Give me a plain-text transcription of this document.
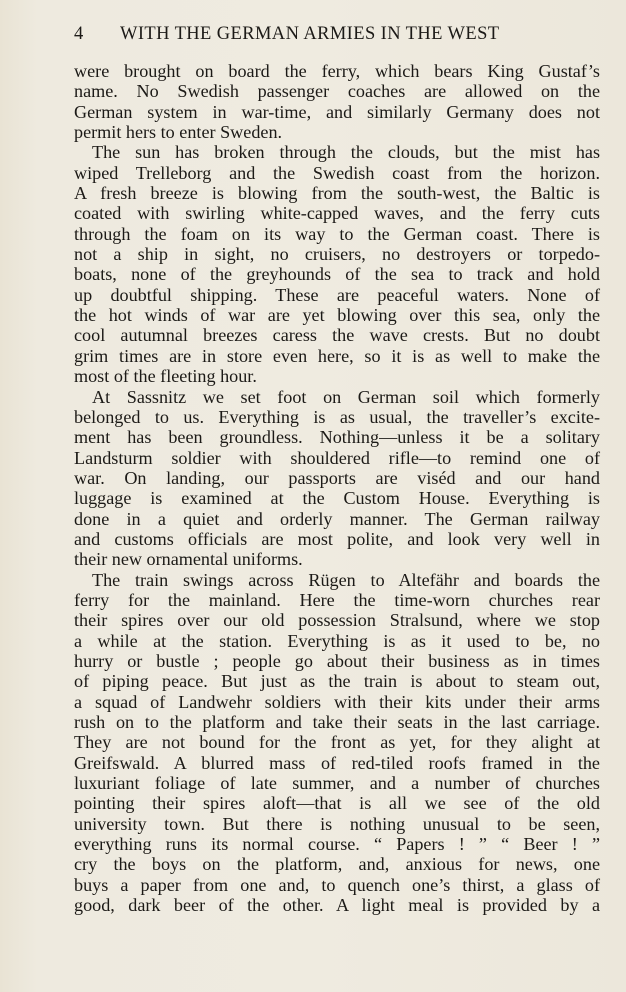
4 WITH THE GERMAN ARMIES IN THE WEST
were brought on board the ferry, which bears King Gustaf’s
name. No Swedish passenger coaches are allowed on the
German system in war-time, and similarly Germany does not
permit hers to enter Sweden.
The sun has broken through the clouds, but the mist has
wiped Trelleborg and the Swedish coast from the horizon.
A fresh breeze is blowing from the south-west, the Baltic is
coated with swirling white-capped waves, and the ferry cuts
through the foam on its way to the German coast. There is
not a ship in sight, no cruisers, no destroyers or torpedo-
boats, none of the greyhounds of the sea to track and hold
up doubtful shipping. These are peaceful waters. None of
the hot winds of war are yet blowing over this sea, only the
cool autumnal breezes caress the wave crests. But no doubt
grim times are in store even here, so it is as well to make the
most of the fleeting hour.
At Sassnitz we set foot on German soil which formerly
belonged to us. Everything is as usual, the traveller’s excite-
ment has been groundless. Nothing—unless it be a solitary
Landsturm soldier with shouldered rifle—to remind one of
war. On landing, our passports are viséd and our hand
luggage is examined at the Custom House. Everything is
done in a quiet and orderly manner. The German railway
and customs officials are most polite, and look very well in
their new ornamental uniforms.
The train swings across Rügen to Altefähr and boards the
ferry for the mainland. Here the time-worn churches rear
their spires over our old possession Stralsund, where we stop
a while at the station. Everything is as it used to be, no
hurry or bustle ; people go about their business as in times
of piping peace. But just as the train is about to steam out,
a squad of Landwehr soldiers with their kits under their arms
rush on to the platform and take their seats in the last carriage.
They are not bound for the front as yet, for they alight at
Greifswald. A blurred mass of red-tiled roofs framed in the
luxuriant foliage of late summer, and a number of churches
pointing their spires aloft—that is all we see of the old
university town. But there is nothing unusual to be seen,
everything runs its normal course. “ Papers ! ” “ Beer ! ”
cry the boys on the platform, and, anxious for news, one
buys a paper from one and, to quench one’s thirst, a glass of
good, dark beer of the other. A light meal is provided by a
